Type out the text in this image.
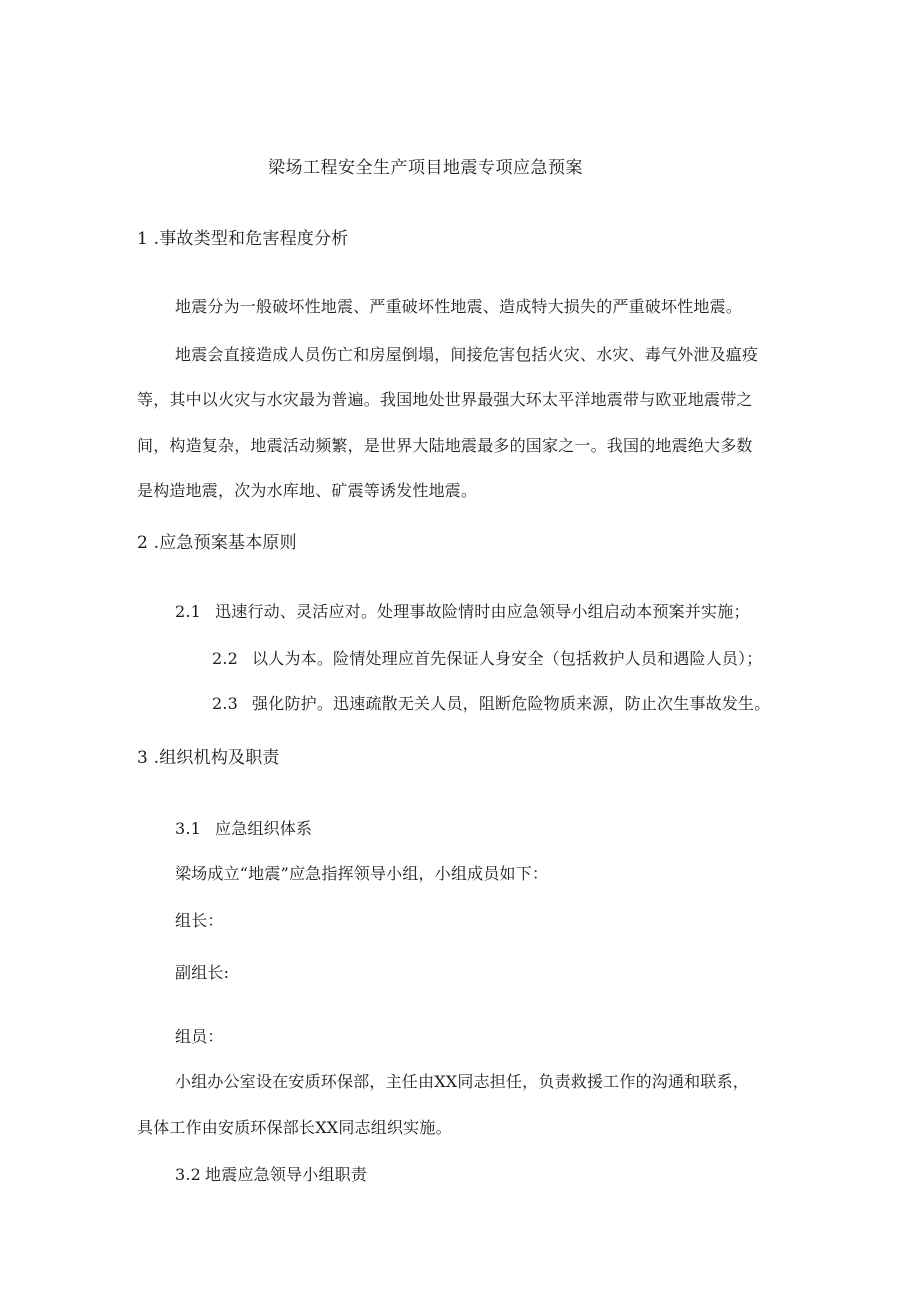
梁场工程安全生产项目地震专项应急预案
1 .事故类型和危害程度分析
地震分为一般破坏性地震、严重破坏性地震、造成特大损失的严重破坏性地震。
地震会直接造成人员伤亡和房屋倒塌，间接危害包括火灾、水灾、毒气外泄及瘟疫
等，其中以火灾与水灾最为普遍。我国地处世界最强大环太平洋地震带与欧亚地震带之
间，构造复杂，地震活动频繁，是世界大陆地震最多的国家之一。我国的地震绝大多数
是构造地震，次为水库地、矿震等诱发性地震。
2 .应急预案基本原则
2.1 迅速行动、灵活应对。处理事故险情时由应急领导小组启动本预案并实施；
2.2 以人为本。险情处理应首先保证人身安全（包括救护人员和遇险人员）；
2.3 强化防护。迅速疏散无关人员，阻断危险物质来源，防止次生事故发生。
3 .组织机构及职责
3.1 应急组织体系
梁场成立“地震”应急指挥领导小组，小组成员如下：
组长：
副组长:
组员：
小组办公室设在安质环保部，主任由XX同志担任，负责救援工作的沟通和联系，
具体工作由安质环保部长XX同志组织实施。
3.2 地震应急领导小组职责
